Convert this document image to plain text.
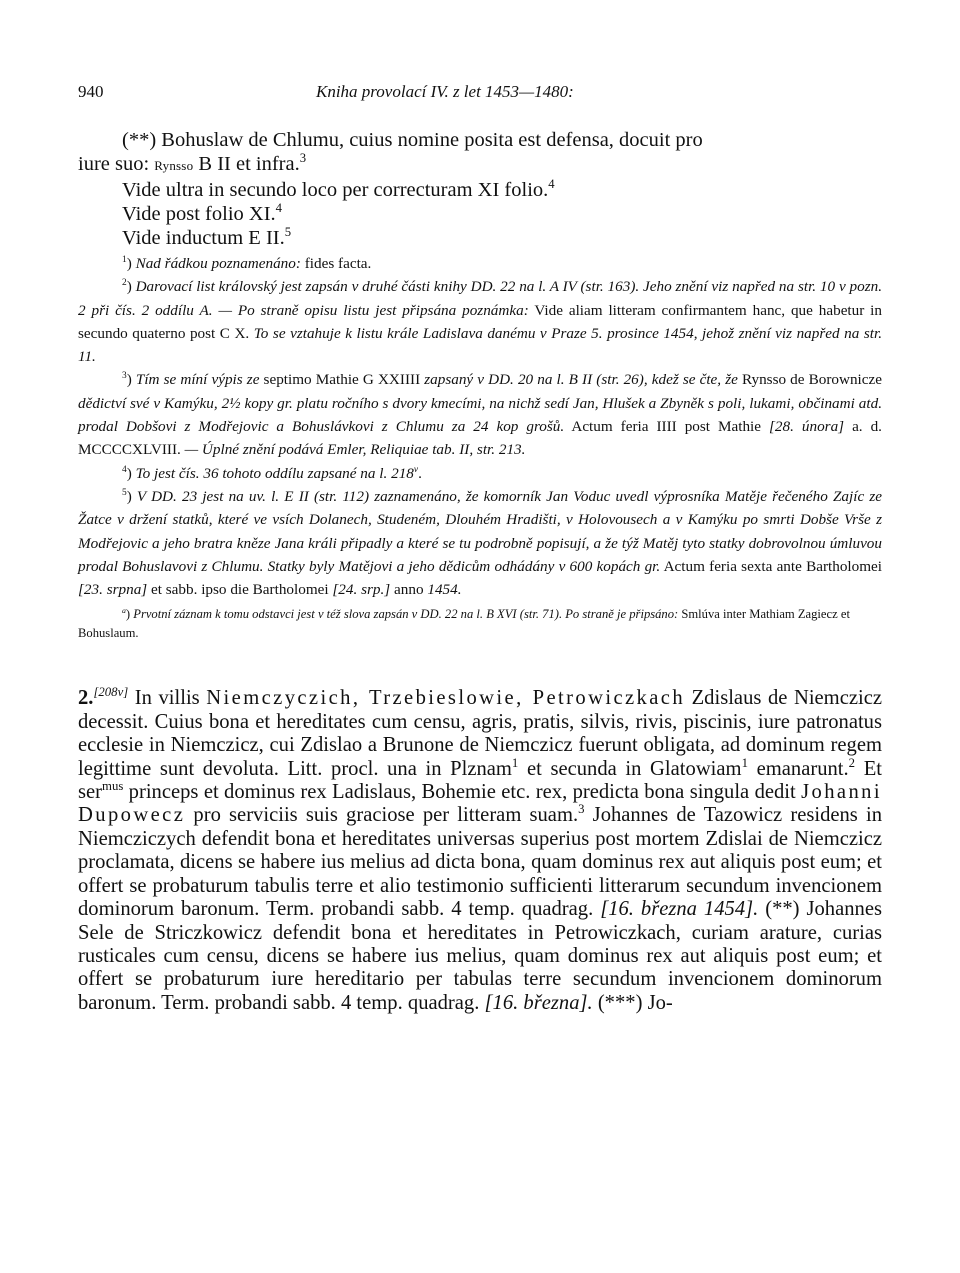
940	Kniha provolací IV. z let 1453—1480:

(**) Bohuslaw de Chlumu, cuius nomine posita est defensa, docuit pro

iure suo: Rynsso B II et infra.$^3$

Vide ultra in secundo loco per correcturam XI folio.$^4$

Vide post folio XI.$^4$

Vide inductum E II.$^5$

$^1$) Nad řádkou poznamenáno: fides facta.

$^2$) Darovací list královský jest zapsán v druhé části knihy DD. 22 na l. A IV (str. 163). Jeho znění viz napřed na str. 10 v pozn. 2 při čís. 2 oddílu A. — Po straně opisu listu jest připsána poznámka: Vide aliam litteram confirmantem hanc, que habetur in secundo quaterno post C X. To se vztahuje k listu krále Ladislava danému v Praze 5. prosince 1454, jehož znění viz napřed na str. 11.

$^3$) Tím se míní výpis ze septimo Mathie G XXIIII zapsaný v DD. 20 na l. B II (str. 26), kdež se čte, že Rynsso de Borownicze dědictví své v Kamýku, 2½ kopy gr. platu ročního s dvory kmecími, na nichž sedí Jan, Hlušek a Zbyněk s poli, lukami, občinami atd. prodal Dobšovi z Modřejovic a Bohuslávkovi z Chlumu za 24 kop grošů. Actum feria IIII post Mathie [28. února] a. d. MCCCCXLVIII. — Úplné znění podává Emler, Reliquiae tab. II, str. 213.

$^4$) To jest čís. 36 tohoto oddílu zapsané na l. 218$^v$.

$^5$) V DD. 23 jest na uv. l. E II (str. 112) zaznamenáno, že komorník Jan Voduc uvedl výprosníka Matěje řečeného Zajíc ze Žatce v držení statků, které ve vsích Dolanech, Studeném, Dlouhém Hradišti, v Holovousech a v Kamýku po smrti Dobše Vrše z Modřejovic a jeho bratra kněze Jana králi připadly a které se tu podrobně popisují, a že týž Matěj tyto statky dobrovolnou úmluvou prodal Bohuslavovi z Chlumu. Statky byly Matějovi a jeho dědicům odhádány v 600 kopách gr. Actum feria sexta ante Bartholomei [23. srpna] et sabb. ipso die Bartholomei [24. srp.] anno 1454.

$^a$) Prvotní záznam k tomu odstavci jest v též slova zapsán v DD. 22 na l. B XVI (str. 71). Po straně je připsáno: Smlúva inter Mathiam Zagiecz et Bohuslaum.

2.[208v] In villis Niemczyczich, Trzebieslowie, Petrowiczkach Zdislaus de Niemczicz decessit. Cuius bona et hereditates cum censu, agris, pratis, silvis, rivis, piscinis, iure patronatus ecclesie in Niemczicz, cui Zdislao a Brunone de Niemczicz fuerunt obligata, ad dominum regem legittime sunt devoluta. Litt. procl. una in Plznam$^1$ et secunda in Glatowiam$^1$ emanarunt.$^2$ Et ser$^{mus}$ princeps et dominus rex Ladislaus, Bohemie etc. rex, predicta bona singula dedit Johanni Dupowecz pro serviciis suis graciose per litteram suam.$^3$ Johannes de Tazowicz residens in Niemcziczych defendit bona et hereditates universas superius post mortem Zdislai de Niemczicz proclamata, dicens se habere ius melius ad dicta bona, quam dominus rex aut aliquis post eum; et offert se probaturum tabulis terre et alio testimonio sufficienti litterarum secundum invencionem dominorum baronum. Term. probandi sabb. 4 temp. quadrag. [16. března 1454]. (**) Johannes Sele de Striczkowicz defendit bona et hereditates in Petrowiczkach, curiam arature, curias rusticales cum censu, dicens se habere ius melius, quam dominus rex aut aliquis post eum; et offert se probaturum iure hereditario per tabulas terre secundum invencionem dominorum baronum. Term. probandi sabb. 4 temp. quadrag. [16. března]. (***) Jo-
